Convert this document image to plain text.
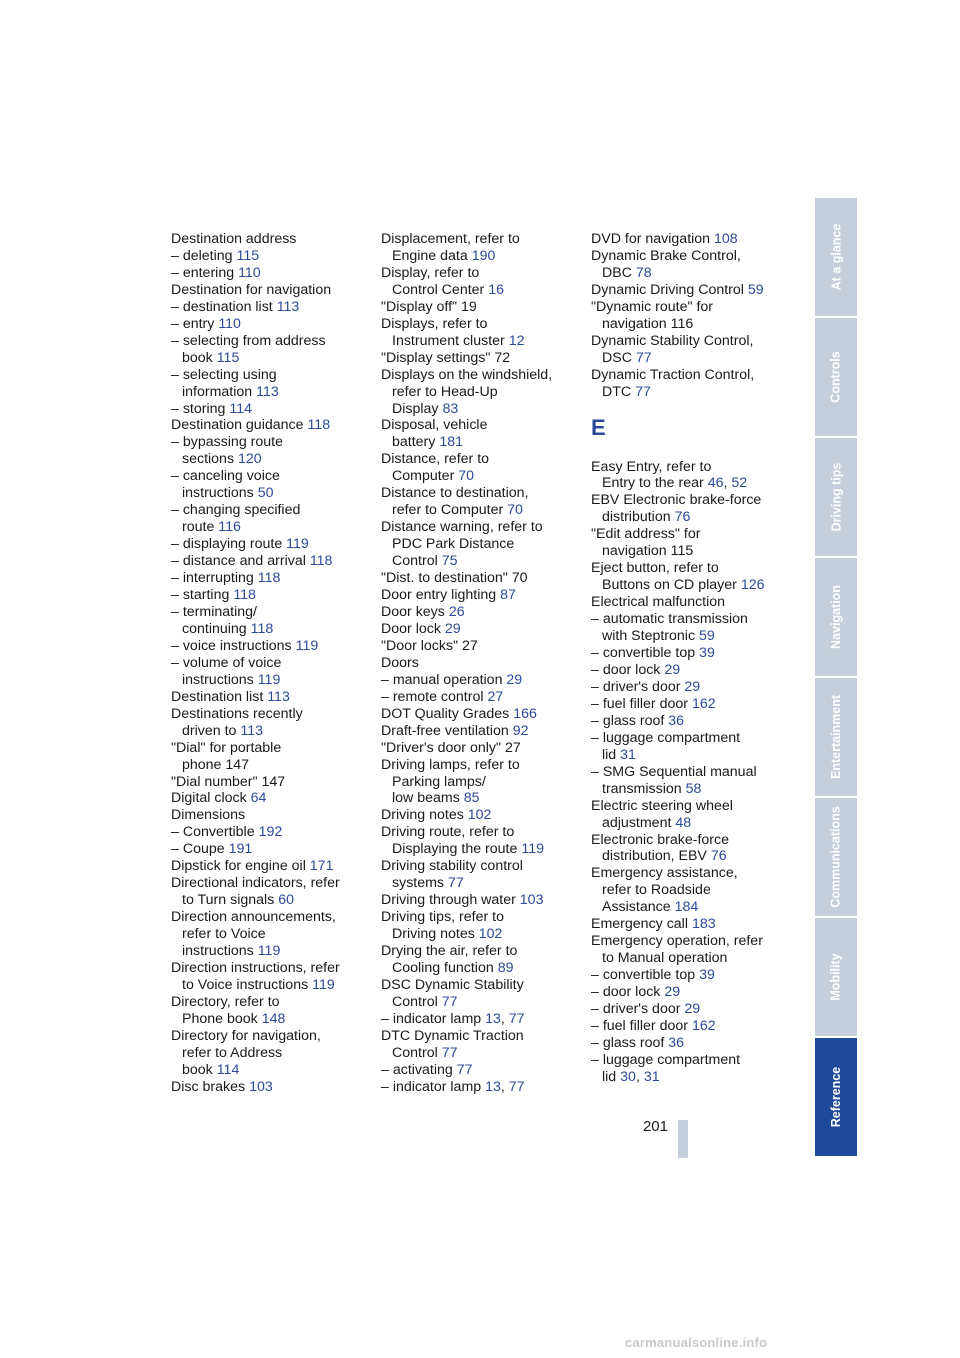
Destination address
– deleting 115
– entering 110
Destination for navigation
– destination list 113
– entry 110
– selecting from address
book 115
– selecting using
information 113
– storing 114
Destination guidance 118
– bypassing route
sections 120
– canceling voice
instructions 50
– changing specified
route 116
– displaying route 119
– distance and arrival 118
– interrupting 118
– starting 118
– terminating/
continuing 118
– voice instructions 119
– volume of voice
instructions 119
Destination list 113
Destinations recently
driven to 113
"Dial" for portable
phone 147
"Dial number" 147
Digital clock 64
Dimensions
– Convertible 192
– Coupe 191
Dipstick for engine oil 171
Directional indicators, refer
to Turn signals 60
Direction announcements,
refer to Voice
instructions 119
Direction instructions, refer
to Voice instructions 119
Directory, refer to
Phone book 148
Directory for navigation,
refer to Address
book 114
Disc brakes 103
Displacement, refer to
Engine data 190
Display, refer to
Control Center 16
"Display off" 19
Displays, refer to
Instrument cluster 12
"Display settings" 72
Displays on the windshield,
refer to Head-Up
Display 83
Disposal, vehicle
battery 181
Distance, refer to
Computer 70
Distance to destination,
refer to Computer 70
Distance warning, refer to
PDC Park Distance
Control 75
"Dist. to destination" 70
Door entry lighting 87
Door keys 26
Door lock 29
"Door locks" 27
Doors
– manual operation 29
– remote control 27
DOT Quality Grades 166
Draft-free ventilation 92
"Driver's door only" 27
Driving lamps, refer to
Parking lamps/
low beams 85
Driving notes 102
Driving route, refer to
Displaying the route 119
Driving stability control
systems 77
Driving through water 103
Driving tips, refer to
Driving notes 102
Drying the air, refer to
Cooling function 89
DSC Dynamic Stability
Control 77
– indicator lamp 13, 77
DTC Dynamic Traction
Control 77
– activating 77
– indicator lamp 13, 77
DVD for navigation 108
Dynamic Brake Control,
DBC 78
Dynamic Driving Control 59
"Dynamic route" for
navigation 116
Dynamic Stability Control,
DSC 77
Dynamic Traction Control,
DTC 77
E
Easy Entry, refer to
Entry to the rear 46, 52
EBV Electronic brake-force
distribution 76
"Edit address" for
navigation 115
Eject button, refer to
Buttons on CD player 126
Electrical malfunction
– automatic transmission
with Steptronic 59
– convertible top 39
– door lock 29
– driver's door 29
– fuel filler door 162
– glass roof 36
– luggage compartment
lid 31
– SMG Sequential manual
transmission 58
Electric steering wheel
adjustment 48
Electronic brake-force
distribution, EBV 76
Emergency assistance,
refer to Roadside
Assistance 184
Emergency call 183
Emergency operation, refer
to Manual operation
– convertible top 39
– door lock 29
– driver's door 29
– fuel filler door 162
– glass roof 36
– luggage compartment
lid 30, 31
At a glance
Controls
Driving tips
Navigation
Entertainment
Communications
Mobility
Reference
201
carmanualsonline.info
